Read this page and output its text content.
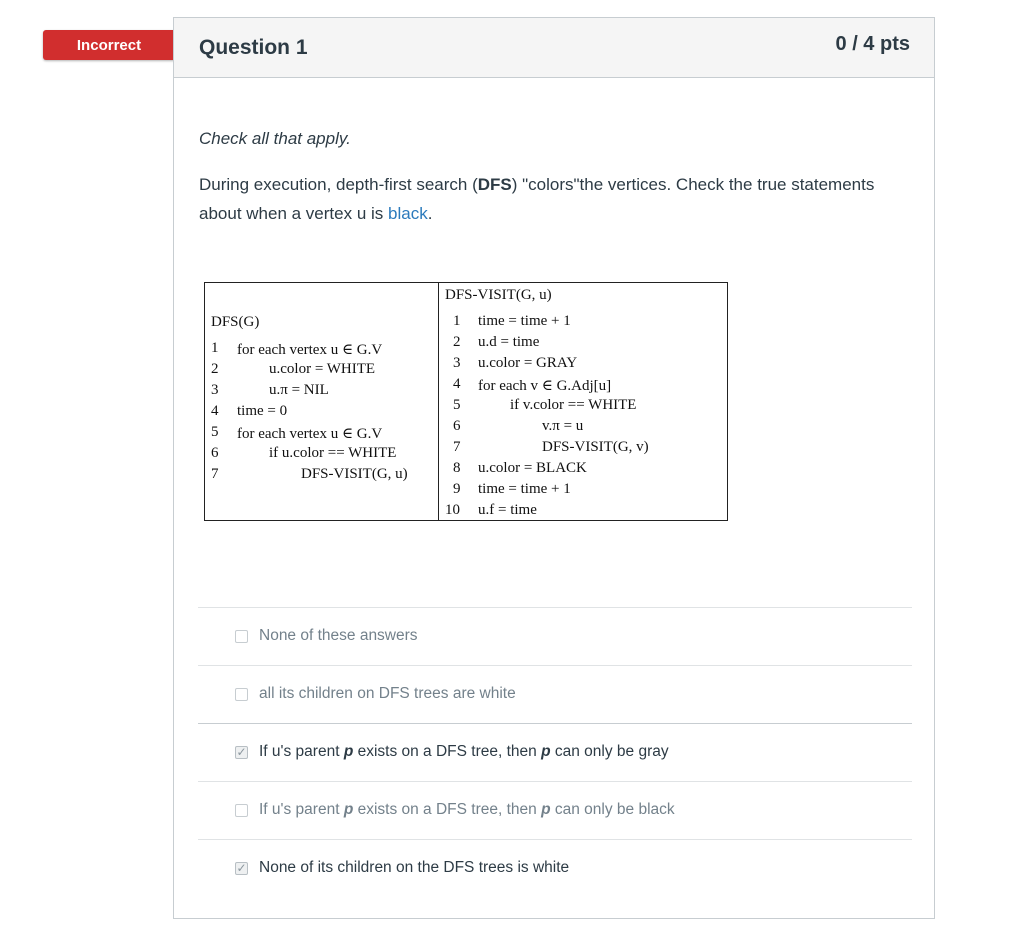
Incorrect	Question 1	0 / 4 pts
Check all that apply.
During execution, depth-first search (DFS) "colors"the vertices. Check the true statements about when a vertex u is black.
DFS(G)
1 for each vertex u ∈ G.V
2	u.color = WHITE
3	u.π = NIL
4 time = 0
5 for each vertex u ∈ G.V
6	if u.color == WHITE
7	DFS-VISIT(G, u)
DFS-VISIT(G, u)
1 time = time + 1
2 u.d = time
3 u.color = GRAY
4 for each v ∈ G.Adj[u]
5	if v.color == WHITE
6	v.π = u
7	DFS-VISIT(G, v)
8 u.color = BLACK
9 time = time + 1
10 u.f = time
None of these answers
all its children on DFS trees are white
✓ If u's parent p exists on a DFS tree, then p can only be gray
If u's parent p exists on a DFS tree, then p can only be black
✓ None of its children on the DFS trees is white
